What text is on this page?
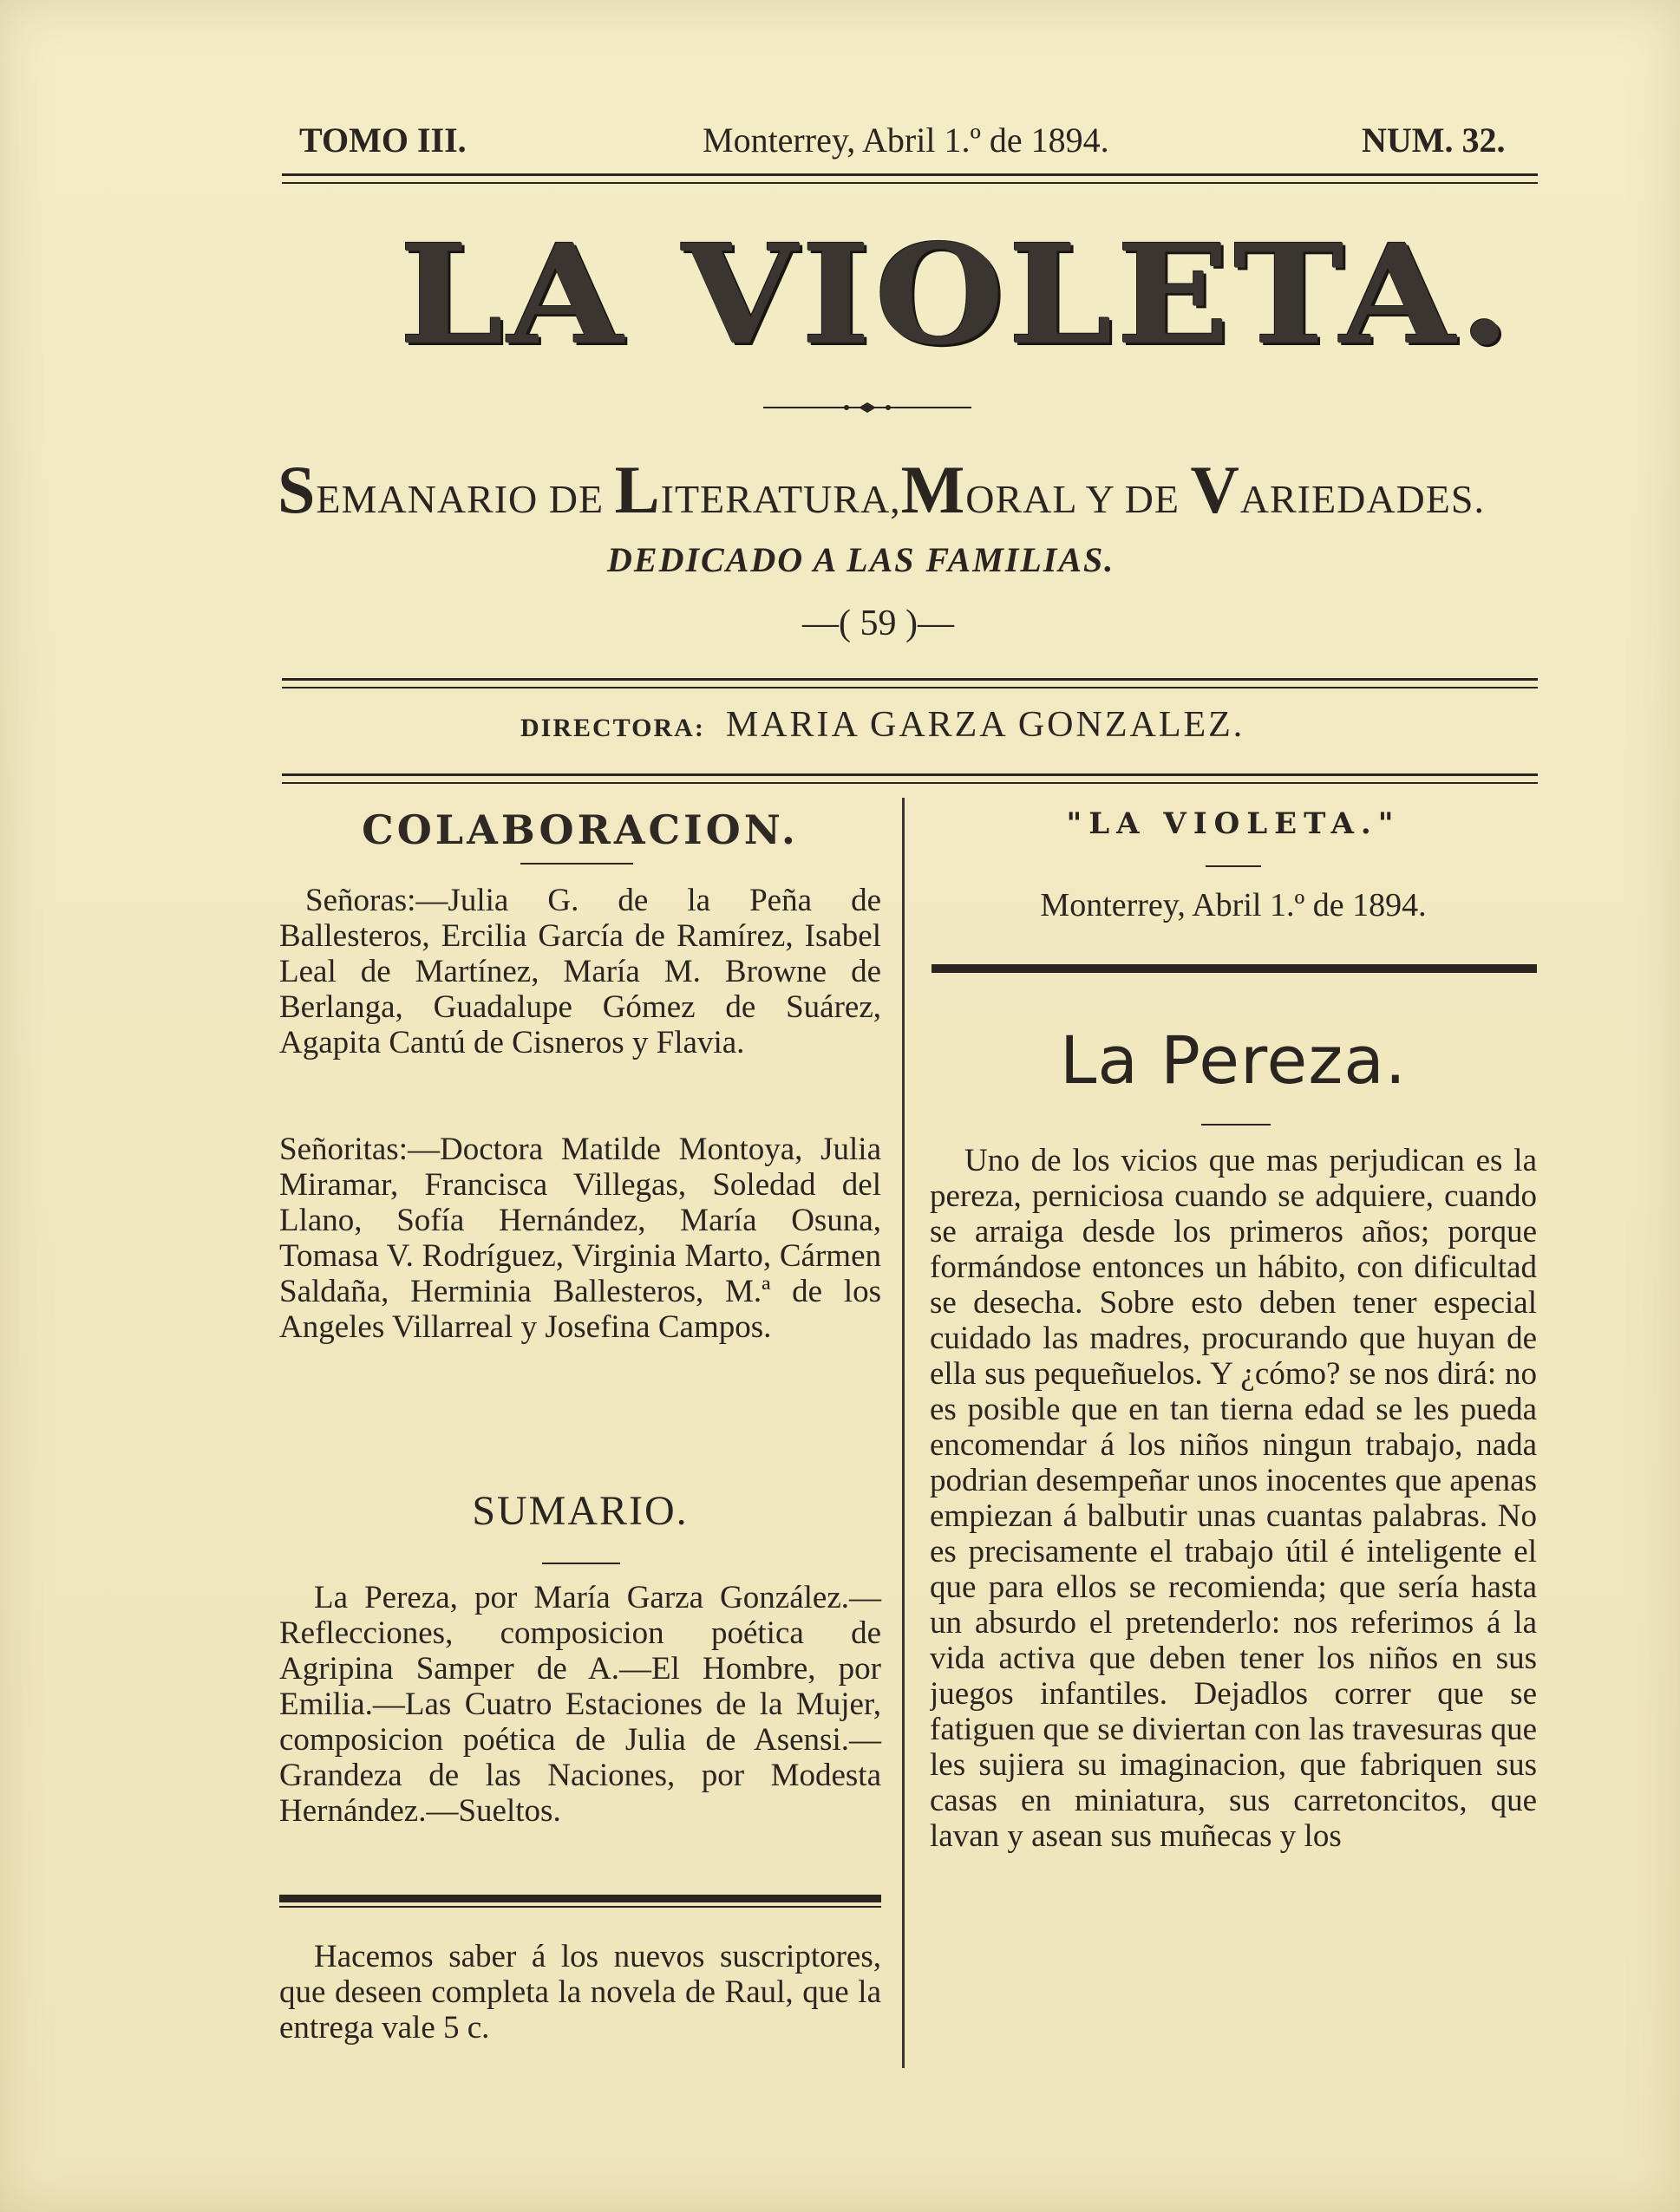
TOMO III.	Monterrey, Abril 1.º de 1894.	NUM. 32.
LA VIOLETA.
SEMANARIO DE LITERATURA,MORAL Y DE VARIEDADES.
DEDICADO A LAS FAMILIAS.
—( 59 )—
DIRECTORA: MARIA GARZA GONZALEZ.
COLABORACION.
Señoras:—Julia G. de la Peña de Ballesteros, Ercilia García de Ramírez, Isabel Leal de Martínez, María M. Browne de Berlanga, Guadalupe Gómez de Suárez, Agapita Cantú de Cisneros y Flavia.
Señoritas:—Doctora Matilde Montoya, Julia Miramar, Francisca Villegas, Soledad del Llano, Sofía Hernández, María Osuna, Tomasa V. Rodríguez, Virginia Marto, Cármen Saldaña, Herminia Ballesteros, M.ª de los Angeles Villarreal y Josefina Campos.
SUMARIO.
La Pereza, por María Garza González.—Reflecciones, composicion poética de Agripina Samper de A.—El Hombre, por Emilia.—Las Cuatro Estaciones de la Mujer, composicion poética de Julia de Asensi.—Grandeza de las Naciones, por Modesta Hernández.—Sueltos.
Hacemos saber á los nuevos suscriptores, que deseen completa la novela de Raul, que la entrega vale 5 c.
"LA VIOLETA."
Monterrey, Abril 1.º de 1894.
La Pereza.
Uno de los vicios que mas perjudican es la pereza, perniciosa cuando se adquiere, cuando se arraiga desde los primeros años; porque formándose entonces un hábito, con dificultad se desecha. Sobre esto deben tener especial cuidado las madres, procurando que huyan de ella sus pequeñuelos. Y ¿cómo? se nos dirá: no es posible que en tan tierna edad se les pueda encomendar á los niños ningun trabajo, nada podrian desempeñar unos inocentes que apenas empiezan á balbutir unas cuantas palabras. No es precisamente el trabajo útil é inteligente el que para ellos se recomienda; que sería hasta un absurdo el pretenderlo: nos referimos á la vida activa que deben tener los niños en sus juegos infantiles. Dejadlos correr que se fatiguen que se diviertan con las travesuras que les sujiera su imaginacion, que fabriquen sus casas en miniatura, sus carretoncitos, que lavan y asean sus muñecas y los
